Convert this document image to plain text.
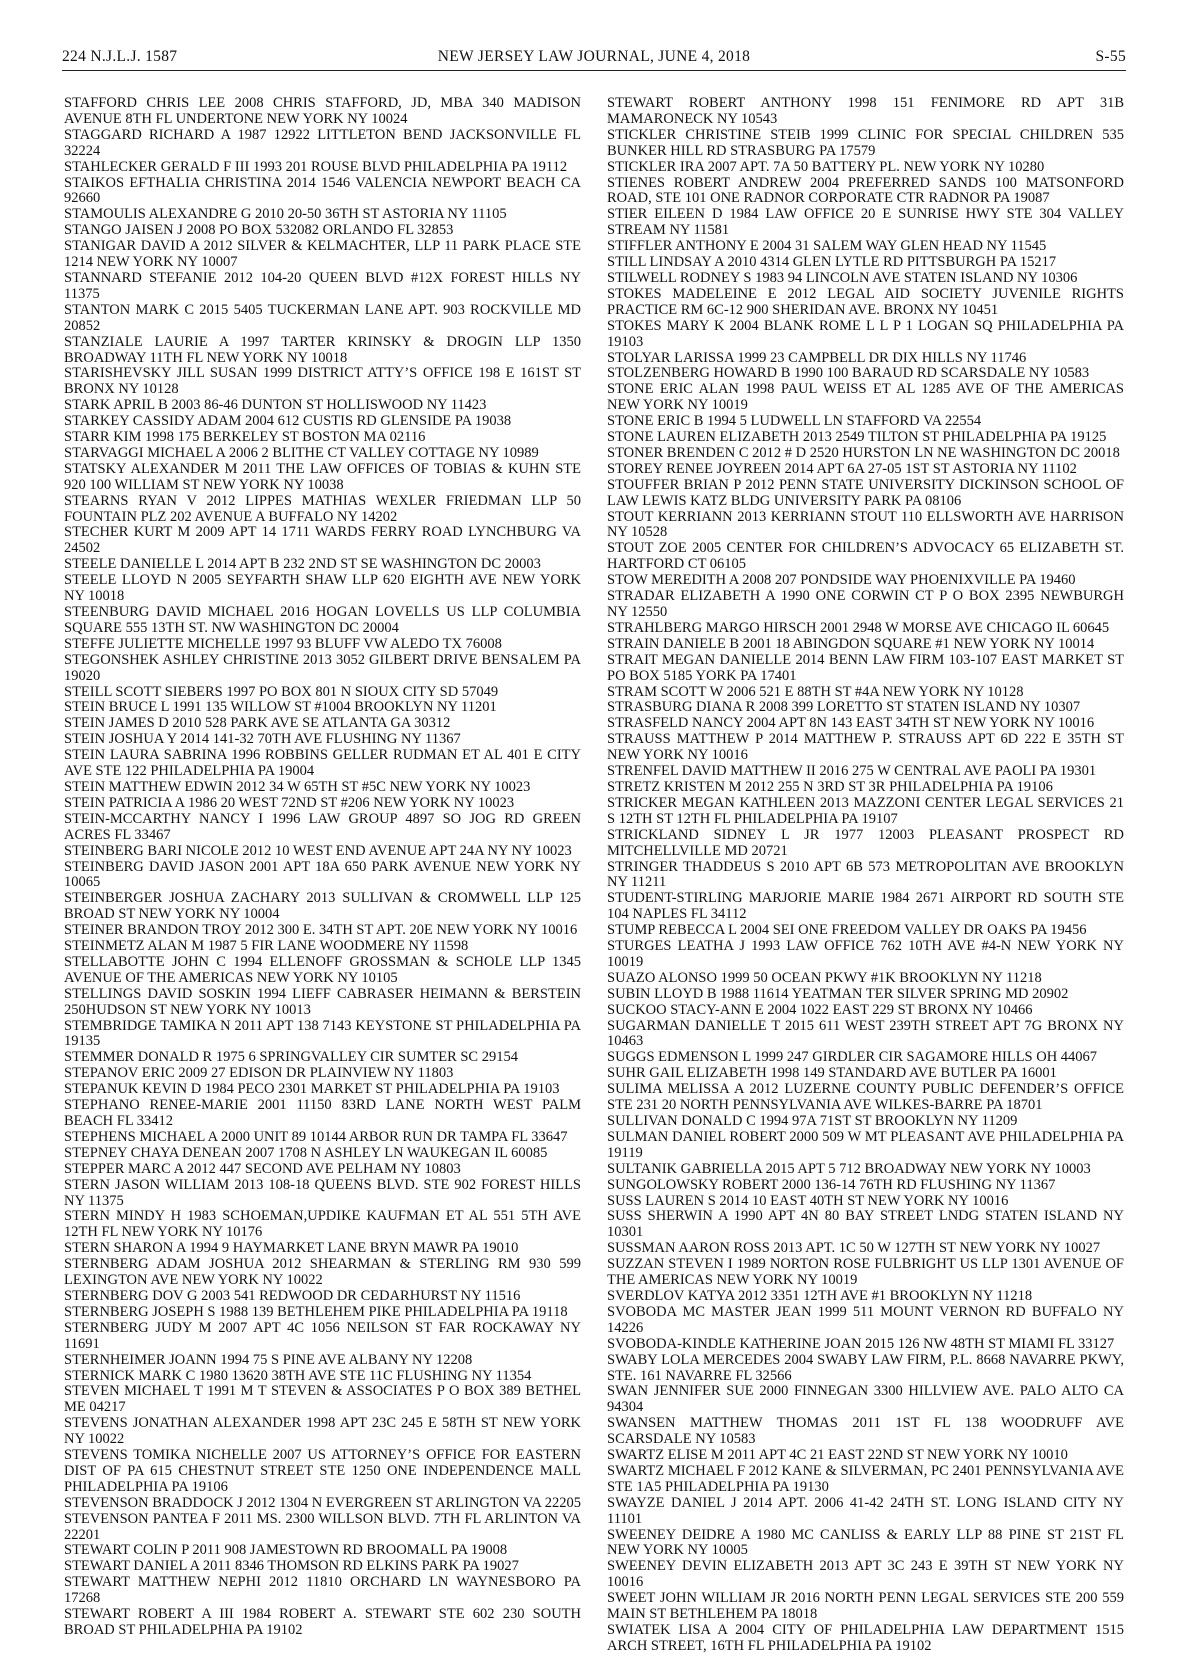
224 N.J.L.J. 1587	NEW JERSEY LAW JOURNAL, JUNE 4, 2018	S-55

STAFFORD CHRIS LEE 2008 CHRIS STAFFORD, JD, MBA 340 MADISON AVENUE 8TH FL UNDERTONE NEW YORK NY 10024

STAGGARD RICHARD A 1987 12922 LITTLETON BEND JACKSONVILLE FL 32224

STAHLECKER GERALD F III 1993 201 ROUSE BLVD PHILADELPHIA PA 19112

STAIKOS EFTHALIA CHRISTINA 2014 1546 VALENCIA NEWPORT BEACH CA 92660

STAMOULIS ALEXANDRE G 2010 20-50 36TH ST ASTORIA NY 11105

STANGO JAISEN J 2008 PO BOX 532082 ORLANDO FL 32853

STANIGAR DAVID A 2012 SILVER & KELMACHTER, LLP 11 PARK PLACE STE 1214 NEW YORK NY 10007

STANNARD STEFANIE 2012 104-20 QUEEN BLVD #12X FOREST HILLS NY 11375

STANTON MARK C 2015 5405 TUCKERMAN LANE APT. 903 ROCKVILLE MD 20852

STANZIALE LAURIE A 1997 TARTER KRINSKY & DROGIN LLP 1350 BROADWAY 11TH FL NEW YORK NY 10018

STARISHEVSKY JILL SUSAN 1999 DISTRICT ATTY’S OFFICE 198 E 161ST ST BRONX NY 10128

STARK APRIL B 2003 86-46 DUNTON ST HOLLISWOOD NY 11423

STARKEY CASSIDY ADAM 2004 612 CUSTIS RD GLENSIDE PA 19038

STARR KIM 1998 175 BERKELEY ST BOSTON MA 02116

STARVAGGI MICHAEL A 2006 2 BLITHE CT VALLEY COTTAGE NY 10989

STATSKY ALEXANDER M 2011 THE LAW OFFICES OF TOBIAS & KUHN STE 920 100 WILLIAM ST NEW YORK NY 10038

STEARNS RYAN V 2012 LIPPES MATHIAS WEXLER FRIEDMAN LLP 50 FOUNTAIN PLZ 202 AVENUE A BUFFALO NY 14202

STECHER KURT M 2009 APT 14 1711 WARDS FERRY ROAD LYNCHBURG VA 24502

STEELE DANIELLE L 2014 APT B 232 2ND ST SE WASHINGTON DC 20003

STEELE LLOYD N 2005 SEYFARTH SHAW LLP 620 EIGHTH AVE NEW YORK NY 10018

STEENBURG DAVID MICHAEL 2016 HOGAN LOVELLS US LLP COLUMBIA SQUARE 555 13TH ST. NW WASHINGTON DC 20004

STEFFE JULIETTE MICHELLE 1997 93 BLUFF VW ALEDO TX 76008

STEGONSHEK ASHLEY CHRISTINE 2013 3052 GILBERT DRIVE BENSALEM PA 19020

STEILL SCOTT SIEBERS 1997 PO BOX 801 N SIOUX CITY SD 57049

STEIN BRUCE L 1991 135 WILLOW ST #1004 BROOKLYN NY 11201

STEIN JAMES D 2010 528 PARK AVE SE ATLANTA GA 30312

STEIN JOSHUA Y 2014 141-32 70TH AVE FLUSHING NY 11367

STEIN LAURA SABRINA 1996 ROBBINS GELLER RUDMAN ET AL 401 E CITY AVE STE 122 PHILADELPHIA PA 19004

STEIN MATTHEW EDWIN 2012 34 W 65TH ST #5C NEW YORK NY 10023

STEIN PATRICIA A 1986 20 WEST 72ND ST #206 NEW YORK NY 10023

STEIN-MCCARTHY NANCY I 1996 LAW GROUP 4897 SO JOG RD GREEN ACRES FL 33467

STEINBERG BARI NICOLE 2012 10 WEST END AVENUE APT 24A NY NY 10023

STEINBERG DAVID JASON 2001 APT 18A 650 PARK AVENUE NEW YORK NY 10065

STEINBERGER JOSHUA ZACHARY 2013 SULLIVAN & CROMWELL LLP 125 BROAD ST NEW YORK NY 10004

STEINER BRANDON TROY 2012 300 E. 34TH ST APT. 20E NEW YORK NY 10016

STEINMETZ ALAN M 1987 5 FIR LANE WOODMERE NY 11598

STELLABOTTE JOHN C 1994 ELLENOFF GROSSMAN & SCHOLE LLP 1345 AVENUE OF THE AMERICAS NEW YORK NY 10105

STELLINGS DAVID SOSKIN 1994 LIEFF CABRASER HEIMANN & BERSTEIN 250HUDSON ST NEW YORK NY 10013

STEMBRIDGE TAMIKA N 2011 APT 138 7143 KEYSTONE ST PHILADELPHIA PA 19135

STEMMER DONALD R 1975 6 SPRINGVALLEY CIR SUMTER SC 29154

STEPANOV ERIC 2009 27 EDISON DR PLAINVIEW NY 11803

STEPANUK KEVIN D 1984 PECO 2301 MARKET ST PHILADELPHIA PA 19103

STEPHANO RENEE-MARIE 2001 11150 83RD LANE NORTH WEST PALM BEACH FL 33412

STEPHENS MICHAEL A 2000 UNIT 89 10144 ARBOR RUN DR TAMPA FL 33647

STEPNEY CHAYA DENEAN 2007 1708 N ASHLEY LN WAUKEGAN IL 60085

STEPPER MARC A 2012 447 SECOND AVE PELHAM NY 10803

STERN JASON WILLIAM 2013 108-18 QUEENS BLVD. STE 902 FOREST HILLS NY 11375

STERN MINDY H 1983 SCHOEMAN,UPDIKE KAUFMAN ET AL 551 5TH AVE 12TH FL NEW YORK NY 10176

STERN SHARON A 1994 9 HAYMARKET LANE BRYN MAWR PA 19010

STERNBERG ADAM JOSHUA 2012 SHEARMAN & STERLING RM 930 599 LEXINGTON AVE NEW YORK NY 10022

STERNBERG DOV G 2003 541 REDWOOD DR CEDARHURST NY 11516

STERNBERG JOSEPH S 1988 139 BETHLEHEM PIKE PHILADELPHIA PA 19118

STERNBERG JUDY M 2007 APT 4C 1056 NEILSON ST FAR ROCKAWAY NY 11691

STERNHEIMER JOANN 1994 75 S PINE AVE ALBANY NY 12208

STERNICK MARK C 1980 13620 38TH AVE STE 11C FLUSHING NY 11354

STEVEN MICHAEL T 1991 M T STEVEN & ASSOCIATES P O BOX 389 BETHEL ME 04217

STEVENS JONATHAN ALEXANDER 1998 APT 23C 245 E 58TH ST NEW YORK NY 10022

STEVENS TOMIKA NICHELLE 2007 US ATTORNEY’S OFFICE FOR EASTERN DIST OF PA 615 CHESTNUT STREET STE 1250 ONE INDEPENDENCE MALL PHILADELPHIA PA 19106

STEVENSON BRADDOCK J 2012 1304 N EVERGREEN ST ARLINGTON VA 22205

STEVENSON PANTEA F 2011 MS. 2300 WILLSON BLVD. 7TH FL ARLINTON VA 22201

STEWART COLIN P 2011 908 JAMESTOWN RD BROOMALL PA 19008

STEWART DANIEL A 2011 8346 THOMSON RD ELKINS PARK PA 19027

STEWART MATTHEW NEPHI 2012 11810 ORCHARD LN WAYNESBORO PA 17268

STEWART ROBERT A III 1984 ROBERT A. STEWART STE 602 230 SOUTH BROAD ST PHILADELPHIA PA 19102

STEWART ROBERT ANTHONY 1998 151 FENIMORE RD APT 31B MAMARONECK NY 10543

STICKLER CHRISTINE STEIB 1999 CLINIC FOR SPECIAL CHILDREN 535 BUNKER HILL RD STRASBURG PA 17579

STICKLER IRA 2007 APT. 7A 50 BATTERY PL. NEW YORK NY 10280

STIENES ROBERT ANDREW 2004 PREFERRED SANDS 100 MATSONFORD ROAD, STE 101 ONE RADNOR CORPORATE CTR RADNOR PA 19087

STIER EILEEN D 1984 LAW OFFICE 20 E SUNRISE HWY STE 304 VALLEY STREAM NY 11581

STIFFLER ANTHONY E 2004 31 SALEM WAY GLEN HEAD NY 11545

STILL LINDSAY A 2010 4314 GLEN LYTLE RD PITTSBURGH PA 15217

STILWELL RODNEY S 1983 94 LINCOLN AVE STATEN ISLAND NY 10306

STOKES MADELEINE E 2012 LEGAL AID SOCIETY JUVENILE RIGHTS PRACTICE RM 6C-12 900 SHERIDAN AVE. BRONX NY 10451

STOKES MARY K 2004 BLANK ROME L L P 1 LOGAN SQ PHILADELPHIA PA 19103

STOLYAR LARISSA 1999 23 CAMPBELL DR DIX HILLS NY 11746

STOLZENBERG HOWARD B 1990 100 BARAUD RD SCARSDALE NY 10583

STONE ERIC ALAN 1998 PAUL WEISS ET AL 1285 AVE OF THE AMERICAS NEW YORK NY 10019

STONE ERIC B 1994 5 LUDWELL LN STAFFORD VA 22554

STONE LAUREN ELIZABETH 2013 2549 TILTON ST PHILADELPHIA PA 19125

STONER BRENDEN C 2012 # D 2520 HURSTON LN NE WASHINGTON DC 20018

STOREY RENEE JOYREEN 2014 APT 6A 27-05 1ST ST ASTORIA NY 11102

STOUFFER BRIAN P 2012 PENN STATE UNIVERSITY DICKINSON SCHOOL OF LAW LEWIS KATZ BLDG UNIVERSITY PARK PA 08106

STOUT KERRIANN 2013 KERRIANN STOUT 110 ELLSWORTH AVE HARRISON NY 10528

STOUT ZOE 2005 CENTER FOR CHILDREN’S ADVOCACY 65 ELIZABETH ST. HARTFORD CT 06105

STOW MEREDITH A 2008 207 PONDSIDE WAY PHOENIXVILLE PA 19460

STRADAR ELIZABETH A 1990 ONE CORWIN CT P O BOX 2395 NEWBURGH NY 12550

STRAHLBERG MARGO HIRSCH 2001 2948 W MORSE AVE CHICAGO IL 60645

STRAIN DANIELE B 2001 18 ABINGDON SQUARE #1 NEW YORK NY 10014

STRAIT MEGAN DANIELLE 2014 BENN LAW FIRM 103-107 EAST MARKET ST PO BOX 5185 YORK PA 17401

STRAM SCOTT W 2006 521 E 88TH ST #4A NEW YORK NY 10128

STRASBURG DIANA R 2008 399 LORETTO ST STATEN ISLAND NY 10307

STRASFELD NANCY 2004 APT 8N 143 EAST 34TH ST NEW YORK NY 10016

STRAUSS MATTHEW P 2014 MATTHEW P. STRAUSS APT 6D 222 E 35TH ST NEW YORK NY 10016

STRENFEL DAVID MATTHEW II 2016 275 W CENTRAL AVE PAOLI PA 19301

STRETZ KRISTEN M 2012 255 N 3RD ST 3R PHILADELPHIA PA 19106

STRICKER MEGAN KATHLEEN 2013 MAZZONI CENTER LEGAL SERVICES 21 S 12TH ST 12TH FL PHILADELPHIA PA 19107

STRICKLAND SIDNEY L JR 1977 12003 PLEASANT PROSPECT RD MITCHELLVILLE MD 20721

STRINGER THADDEUS S 2010 APT 6B 573 METROPOLITAN AVE BROOKLYN NY 11211

STUDENT-STIRLING MARJORIE MARIE 1984 2671 AIRPORT RD SOUTH STE 104 NAPLES FL 34112

STUMP REBECCA L 2004 SEI ONE FREEDOM VALLEY DR OAKS PA 19456

STURGES LEATHA J 1993 LAW OFFICE 762 10TH AVE #4-N NEW YORK NY 10019

SUAZO ALONSO 1999 50 OCEAN PKWY #1K BROOKLYN NY 11218

SUBIN LLOYD B 1988 11614 YEATMAN TER SILVER SPRING MD 20902

SUCKOO STACY-ANN E 2004 1022 EAST 229 ST BRONX NY 10466

SUGARMAN DANIELLE T 2015 611 WEST 239TH STREET APT 7G BRONX NY 10463

SUGGS EDMENSON L 1999 247 GIRDLER CIR SAGAMORE HILLS OH 44067

SUHR GAIL ELIZABETH 1998 149 STANDARD AVE BUTLER PA 16001

SULIMA MELISSA A 2012 LUZERNE COUNTY PUBLIC DEFENDER’S OFFICE STE 231 20 NORTH PENNSYLVANIA AVE WILKES-BARRE PA 18701

SULLIVAN DONALD C 1994 97A 71ST ST BROOKLYN NY 11209

SULMAN DANIEL ROBERT 2000 509 W MT PLEASANT AVE PHILADELPHIA PA 19119

SULTANIK GABRIELLA 2015 APT 5 712 BROADWAY NEW YORK NY 10003

SUNGOLOWSKY ROBERT 2000 136-14 76TH RD FLUSHING NY 11367

SUSS LAUREN S 2014 10 EAST 40TH ST NEW YORK NY 10016

SUSS SHERWIN A 1990 APT 4N 80 BAY STREET LNDG STATEN ISLAND NY 10301

SUSSMAN AARON ROSS 2013 APT. 1C 50 W 127TH ST NEW YORK NY 10027

SUZZAN STEVEN I 1989 NORTON ROSE FULBRIGHT US LLP 1301 AVENUE OF THE AMERICAS NEW YORK NY 10019

SVERDLOV KATYA 2012 3351 12TH AVE #1 BROOKLYN NY 11218

SVOBODA MC MASTER JEAN 1999 511 MOUNT VERNON RD BUFFALO NY 14226

SVOBODA-KINDLE KATHERINE JOAN 2015 126 NW 48TH ST MIAMI FL 33127

SWABY LOLA MERCEDES 2004 SWABY LAW FIRM, P.L. 8668 NAVARRE PKWY, STE. 161 NAVARRE FL 32566

SWAN JENNIFER SUE 2000 FINNEGAN 3300 HILLVIEW AVE. PALO ALTO CA 94304

SWANSEN MATTHEW THOMAS 2011 1ST FL 138 WOODRUFF AVE SCARSDALE NY 10583

SWARTZ ELISE M 2011 APT 4C 21 EAST 22ND ST NEW YORK NY 10010

SWARTZ MICHAEL F 2012 KANE & SILVERMAN, PC 2401 PENNSYLVANIA AVE STE 1A5 PHILADELPHIA PA 19130

SWAYZE DANIEL J 2014 APT. 2006 41-42 24TH ST. LONG ISLAND CITY NY 11101

SWEENEY DEIDRE A 1980 MC CANLISS & EARLY LLP 88 PINE ST 21ST FL NEW YORK NY 10005

SWEENEY DEVIN ELIZABETH 2013 APT 3C 243 E 39TH ST NEW YORK NY 10016

SWEET JOHN WILLIAM JR 2016 NORTH PENN LEGAL SERVICES STE 200 559 MAIN ST BETHLEHEM PA 18018

SWIATEK LISA A 2004 CITY OF PHILADELPHIA LAW DEPARTMENT 1515 ARCH STREET, 16TH FL PHILADELPHIA PA 19102
